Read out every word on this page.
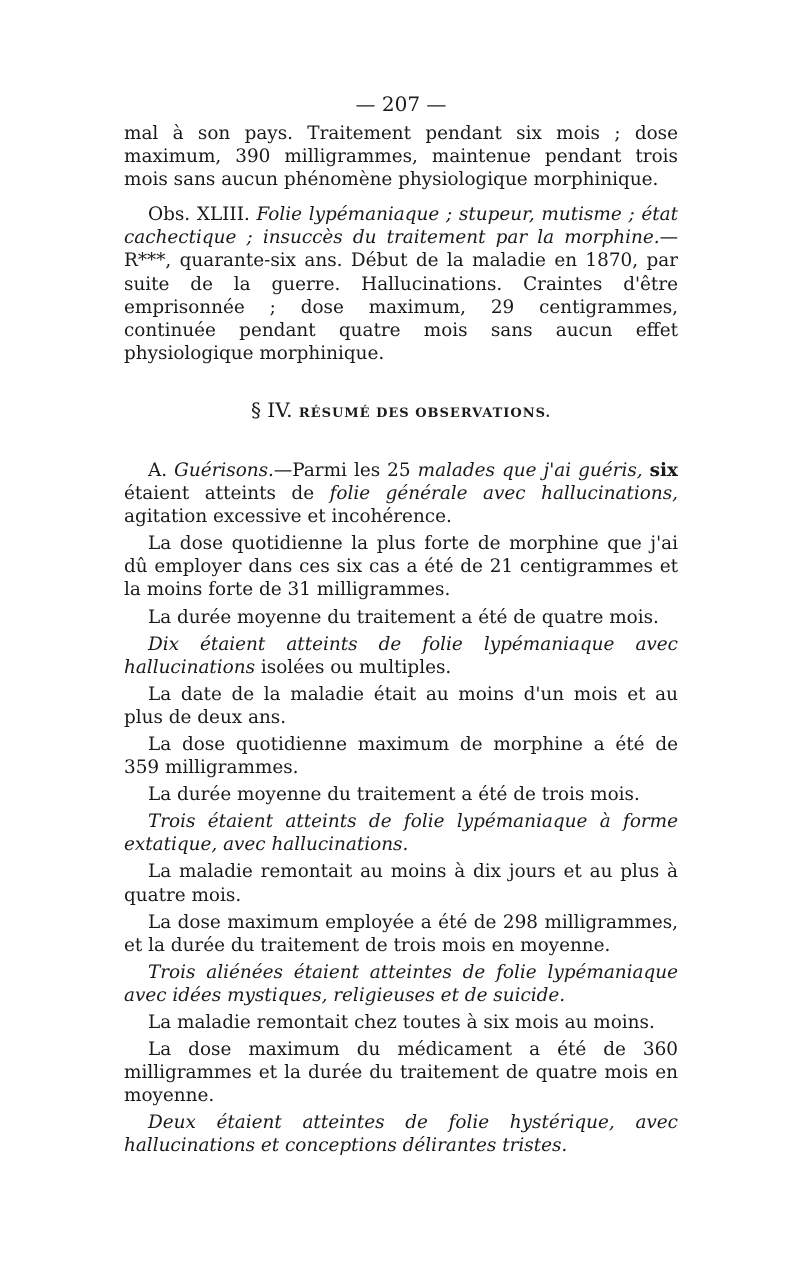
— 207 —

mal à son pays. Traitement pendant six mois ; dose maximum, 390 milligrammes, maintenue pendant trois mois sans aucun phénomène physiologique morphinique.

Obs. XLIII. Folie lypémaniaque ; stupeur, mutisme ; état cachectique ; insuccès du traitement par la morphine.—R***, quarante-six ans. Début de la maladie en 1870, par suite de la guerre. Hallucinations. Craintes d'être emprisonnée ; dose maximum, 29 centigrammes, continuée pendant quatre mois sans aucun effet physiologique morphinique.

§ IV. RÉSUMÉ DES OBSERVATIONS.

A. Guérisons.—Parmi les 25 malades que j'ai guéris, six étaient atteints de folie générale avec hallucinations, agitation excessive et incohérence.

La dose quotidienne la plus forte de morphine que j'ai dû employer dans ces six cas a été de 21 centigrammes et la moins forte de 31 milligrammes.

La durée moyenne du traitement a été de quatre mois.

Dix étaient atteints de folie lypémaniaque avec hallucinations isolées ou multiples.

La date de la maladie était au moins d'un mois et au plus de deux ans.

La dose quotidienne maximum de morphine a été de 359 milligrammes.

La durée moyenne du traitement a été de trois mois.

Trois étaient atteints de folie lypémaniaque à forme extatique, avec hallucinations.

La maladie remontait au moins à dix jours et au plus à quatre mois.

La dose maximum employée a été de 298 milligrammes, et la durée du traitement de trois mois en moyenne.

Trois aliénées étaient atteintes de folie lypémaniaque avec idées mystiques, religieuses et de suicide.

La maladie remontait chez toutes à six mois au moins.

La dose maximum du médicament a été de 360 milligrammes et la durée du traitement de quatre mois en moyenne.

Deux étaient atteintes de folie hystérique, avec hallucinations et conceptions délirantes tristes.
